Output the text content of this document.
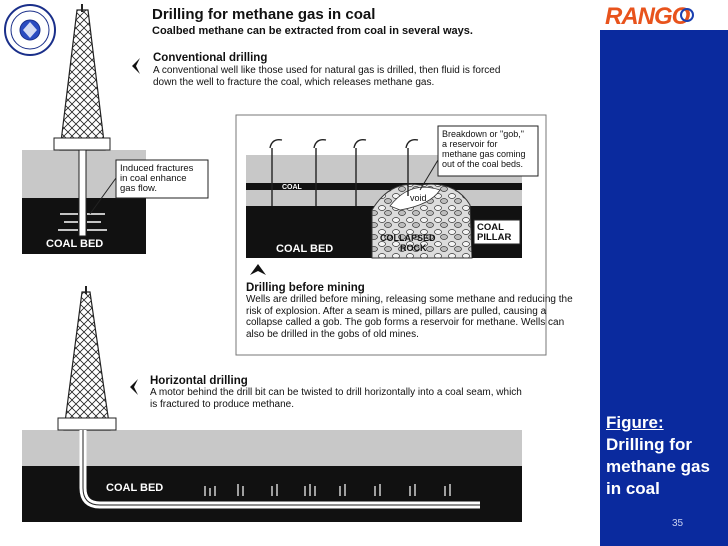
RANGO
Figure:
Drilling for methane gas in coal
35
Induced fractures in coal enhance gas flow.
COAL BED
COAL PILLAR
Breakdown or "gob," a reservoir for methane gas coming out of the coal beds.
COAL
void
COAL BED
COLLAPSED ROCK
COAL BED
Drilling for methane gas in coal
Coalbed methane can be extracted from coal in several ways.
Conventional drilling
A conventional well like those used for natural gas is drilled, then fluid is forced down the well to fracture the coal, which releases methane gas.
Drilling before mining
Wells are drilled before mining, releasing some methane and reducing the risk of explosion. After a seam is mined, pillars are pulled, causing a collapse called a gob. The gob forms a reservoir for methane. Wells can also be drilled in the gobs of old mines.
Horizontal drilling
A motor behind the drill bit can be twisted to drill horizontally into a coal seam, which is fractured to produce methane.
